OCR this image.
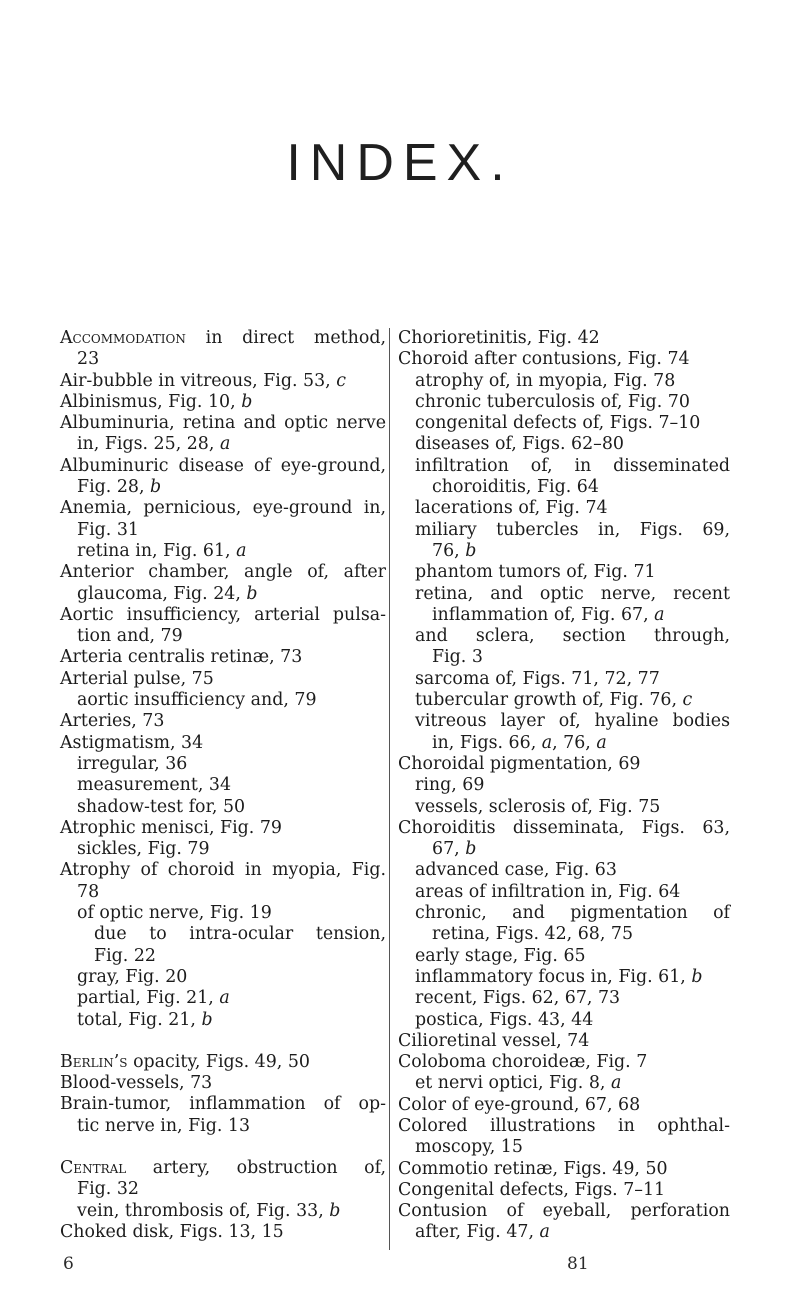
INDEX.
Accommodation in direct method,
23
Air-bubble in vitreous, Fig. 53, c
Albinismus, Fig. 10, b
Albuminuria, retina and optic nerve
in, Figs. 25, 28, a
Albuminuric disease of eye-ground,
Fig. 28, b
Anemia, pernicious, eye-ground in,
Fig. 31
retina in, Fig. 61, a
Anterior chamber, angle of, after
glaucoma, Fig. 24, b
Aortic insufficiency, arterial pulsa-
tion and, 79
Arteria centralis retinæ, 73
Arterial pulse, 75
aortic insufficiency and, 79
Arteries, 73
Astigmatism, 34
irregular, 36
measurement, 34
shadow-test for, 50
Atrophic menisci, Fig. 79
sickles, Fig. 79
Atrophy of choroid in myopia, Fig.
78
of optic nerve, Fig. 19
due to intra-ocular tension,
Fig. 22
gray, Fig. 20
partial, Fig. 21, a
total, Fig. 21, b
Berlin’s opacity, Figs. 49, 50
Blood-vessels, 73
Brain-tumor, inflammation of op-
tic nerve in, Fig. 13
Central artery, obstruction of,
Fig. 32
vein, thrombosis of, Fig. 33, b
Choked disk, Figs. 13, 15
Chorioretinitis, Fig. 42
Choroid after contusions, Fig. 74
atrophy of, in myopia, Fig. 78
chronic tuberculosis of, Fig. 70
congenital defects of, Figs. 7–10
diseases of, Figs. 62–80
infiltration of, in disseminated
choroiditis, Fig. 64
lacerations of, Fig. 74
miliary tubercles in, Figs. 69,
76, b
phantom tumors of, Fig. 71
retina, and optic nerve, recent
inflammation of, Fig. 67, a
and sclera, section through,
Fig. 3
sarcoma of, Figs. 71, 72, 77
tubercular growth of, Fig. 76, c
vitreous layer of, hyaline bodies
in, Figs. 66, a, 76, a
Choroidal pigmentation, 69
ring, 69
vessels, sclerosis of, Fig. 75
Choroiditis disseminata, Figs. 63,
67, b
advanced case, Fig. 63
areas of infiltration in, Fig. 64
chronic, and pigmentation of
retina, Figs. 42, 68, 75
early stage, Fig. 65
inflammatory focus in, Fig. 61, b
recent, Figs. 62, 67, 73
postica, Figs. 43, 44
Cilioretinal vessel, 74
Coloboma choroideæ, Fig. 7
et nervi optici, Fig. 8, a
Color of eye-ground, 67, 68
Colored illustrations in ophthal-
moscopy, 15
Commotio retinæ, Figs. 49, 50
Congenital defects, Figs. 7–11
Contusion of eyeball, perforation
after, Fig. 47, a
6	81
